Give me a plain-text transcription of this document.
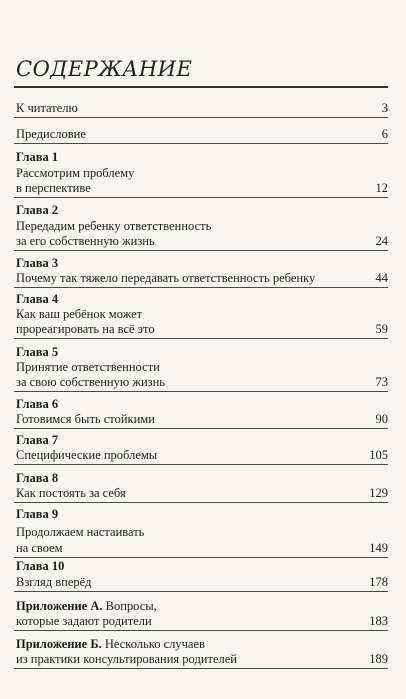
СОДЕРЖАНИЕ
К читателю	3
Предисловие	6
Глава 1
Рассмотрим проблему
в перспективе	12
Глава 2
Передадим ребенку ответственность
за его собственную жизнь	24
Глава 3
Почему так тяжело передавать ответственность ребенку	44
Глава 4
Как ваш ребёнок может
прореагировать на всё это	59
Глава 5
Принятие ответственности
за свою собственную жизнь	73
Глава 6
Готовимся быть стойкими	90
Глава 7
Специфические проблемы	105
Глава 8
Как постоять за себя	129
Глава 9
Продолжаем настаивать
на своем	149
Глава 10
Взгляд вперёд	178
Приложение А. Вопросы,
которые задают родители	183
Приложение Б. Несколько случаев
из практики консультирования родителей	189
